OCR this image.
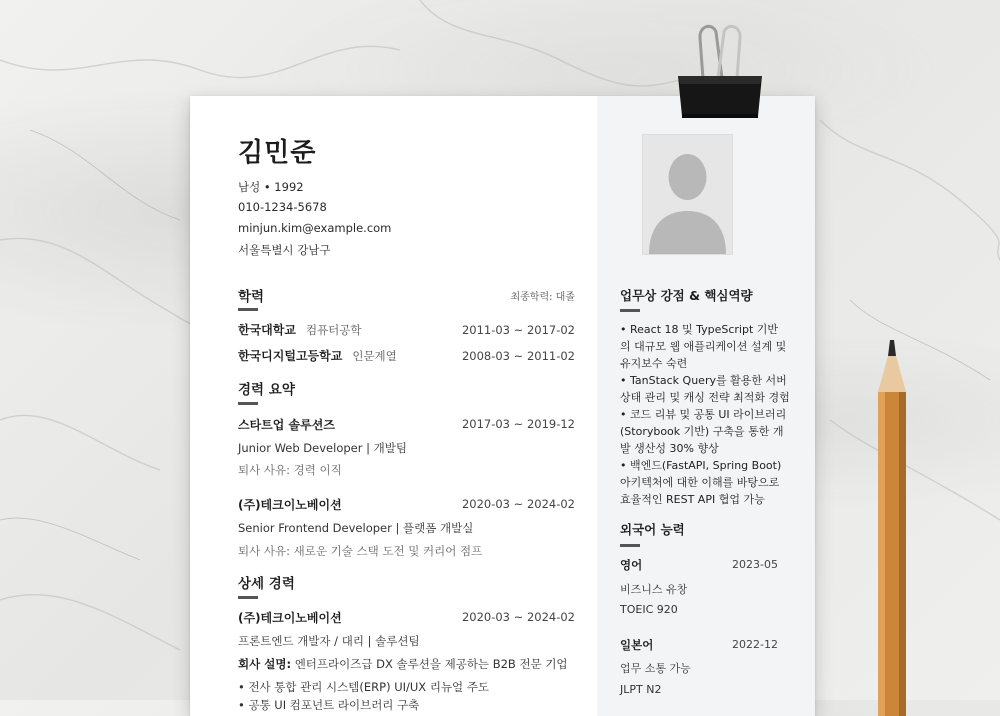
김민준
남성 • 1992
010-1234-5678
minjun.kim@example.com
서울특별시 강남구
학력	최종학력: 대졸
한국대학교 컴퓨터공학	2011-03 ~ 2017-02
한국디지털고등학교 인문계열	2008-03 ~ 2011-02
경력 요약
스타트업 솔루션즈	2017-03 ~ 2019-12
Junior Web Developer | 개발팀
퇴사 사유: 경력 이직
(주)테크이노베이션	2020-03 ~ 2024-02
Senior Frontend Developer | 플랫폼 개발실
퇴사 사유: 새로운 기술 스택 도전 및 커리어 점프
상세 경력
(주)테크이노베이션	2020-03 ~ 2024-02
프론트엔드 개발자 / 대리 | 솔루션팀
회사 설명: 엔터프라이즈급 DX 솔루션을 제공하는 B2B 전문 기업
• 전사 통합 관리 시스템(ERP) UI/UX 리뉴얼 주도
• 공통 UI 컴포넌트 라이브러리 구축
업무상 강점 & 핵심역량
• React 18 및 TypeScript 기반
의 대규모 웹 애플리케이션 설계 및
유지보수 숙련
• TanStack Query를 활용한 서버
상태 관리 및 캐싱 전략 최적화 경험
• 코드 리뷰 및 공통 UI 라이브러리
(Storybook 기반) 구축을 통한 개
발 생산성 30% 향상
• 백엔드(FastAPI, Spring Boot)
아키텍처에 대한 이해를 바탕으로
효율적인 REST API 협업 가능
외국어 능력
영어	2023-05
비즈니스 유창
TOEIC 920
일본어	2022-12
업무 소통 가능
JLPT N2
